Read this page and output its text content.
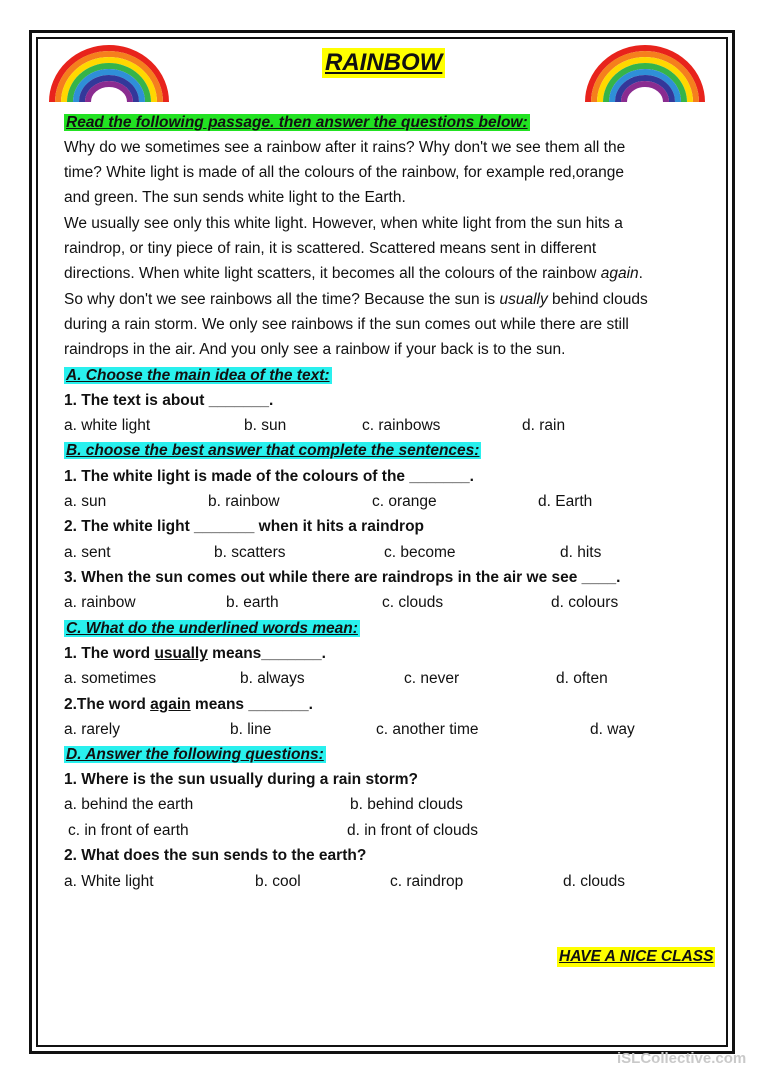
RAINBOW
Read the following passage. then answer the questions below:
Why do we sometimes see a rainbow after it rains? Why don't we see them all the
time? White light is made of all the colours of the rainbow, for example red,orange
and green. The sun sends white light to the Earth.
We usually see only this white light. However, when white light from the sun hits a
raindrop, or tiny piece of rain, it is scattered. Scattered means sent in different
directions. When white light scatters, it becomes all the colours of the rainbow again.
So why don't we see rainbows all the time? Because the sun is usually behind clouds
during a rain storm. We only see rainbows if the sun comes out while there are still
raindrops in the air. And you only see a rainbow if your back is to the sun.
A. Choose the main idea of the text:
1. The text is about _______.
a. white light	b. sun	c. rainbows	d. rain
B. choose the best answer that complete the sentences:
1. The white light is made of the colours of the _______.
a. sun	b. rainbow	c. orange	d. Earth
2. The white light _______ when it hits a raindrop
a. sent	b. scatters	c. become	d. hits
3. When the sun comes out while there are raindrops in the air we see ____.
a. rainbow	b. earth	c. clouds	d. colours
C. What do the underlined words mean:
1. The word usually means_______.
a. sometimes	b. always	c. never	d. often
2.The word again means _______.
a. rarely	b. line	c. another time	d. way
D. Answer the following questions:
1. Where is the sun usually during a rain storm?
a. behind the earth	b. behind clouds
c. in front of earth	d. in front of clouds
2. What does the sun sends to the earth?
a. White light	b. cool	c. raindrop	d. clouds
HAVE A NICE CLASS
iSLCollective.com
